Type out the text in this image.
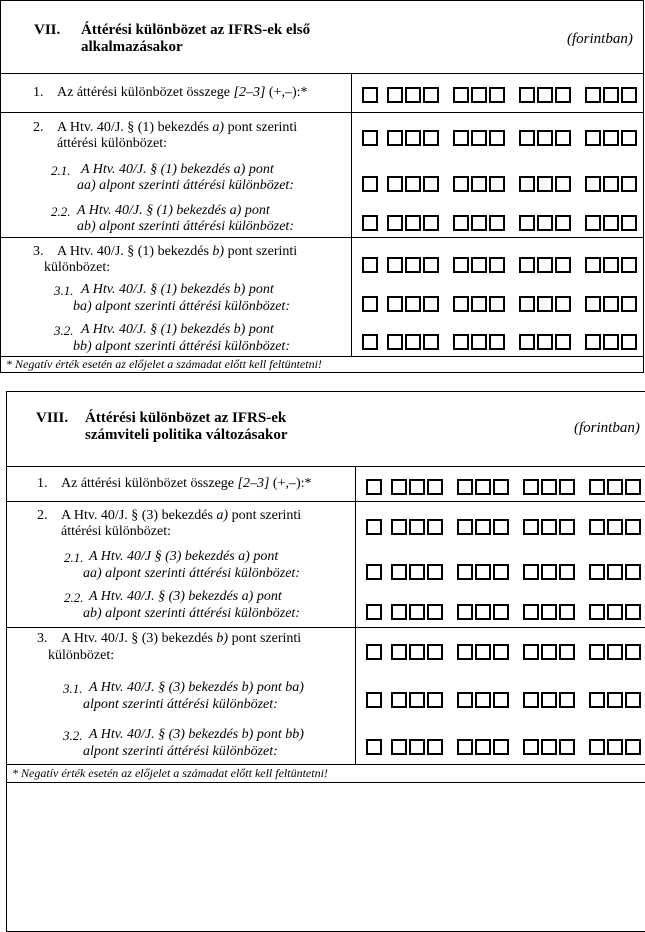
VII. Áttérési különbözet az IFRS-ek első
alkalmazásakor	(forintban)
1. Az áttérési különbözet összege [2–3] (+,–):*
2. A Htv. 40/J. § (1) bekezdés a) pont szerinti
áttérési különbözet:
2.1. A Htv. 40/J. § (1) bekezdés a) pont
aa) alpont szerinti áttérési különbözet:
2.2. A Htv. 40/J. § (1) bekezdés a) pont
ab) alpont szerinti áttérési különbözet:
3. A Htv. 40/J. § (1) bekezdés b) pont szerinti
különbözet:
3.1. A Htv. 40/J. § (1) bekezdés b) pont
ba) alpont szerinti áttérési különbözet:
3.2. A Htv. 40/J. § (1) bekezdés b) pont
bb) alpont szerinti áttérési különbözet:
* Negatív érték esetén az előjelet a számadat előtt kell feltüntetni!
VIII. Áttérési különbözet az IFRS-ek
számviteli politika változásakor	(forintban)
1. Az áttérési különbözet összege [2–3] (+,–):*
2. A Htv. 40/J. § (3) bekezdés a) pont szerinti
áttérési különbözet:
2.1. A Htv. 40/J § (3) bekezdés a) pont
aa) alpont szerinti áttérési különbözet:
2.2. A Htv. 40/J. § (3) bekezdés a) pont
ab) alpont szerinti áttérési különbözet:
3. A Htv. 40/J. § (3) bekezdés b) pont szerinti
különbözet:
3.1. A Htv. 40/J. § (3) bekezdés b) pont ba)
alpont szerinti áttérési különbözet:
3.2. A Htv. 40/J. § (3) bekezdés b) pont bb)
alpont szerinti áttérési különbözet:
* Negatív érték esetén az előjelet a számadat előtt kell feltüntetni!
